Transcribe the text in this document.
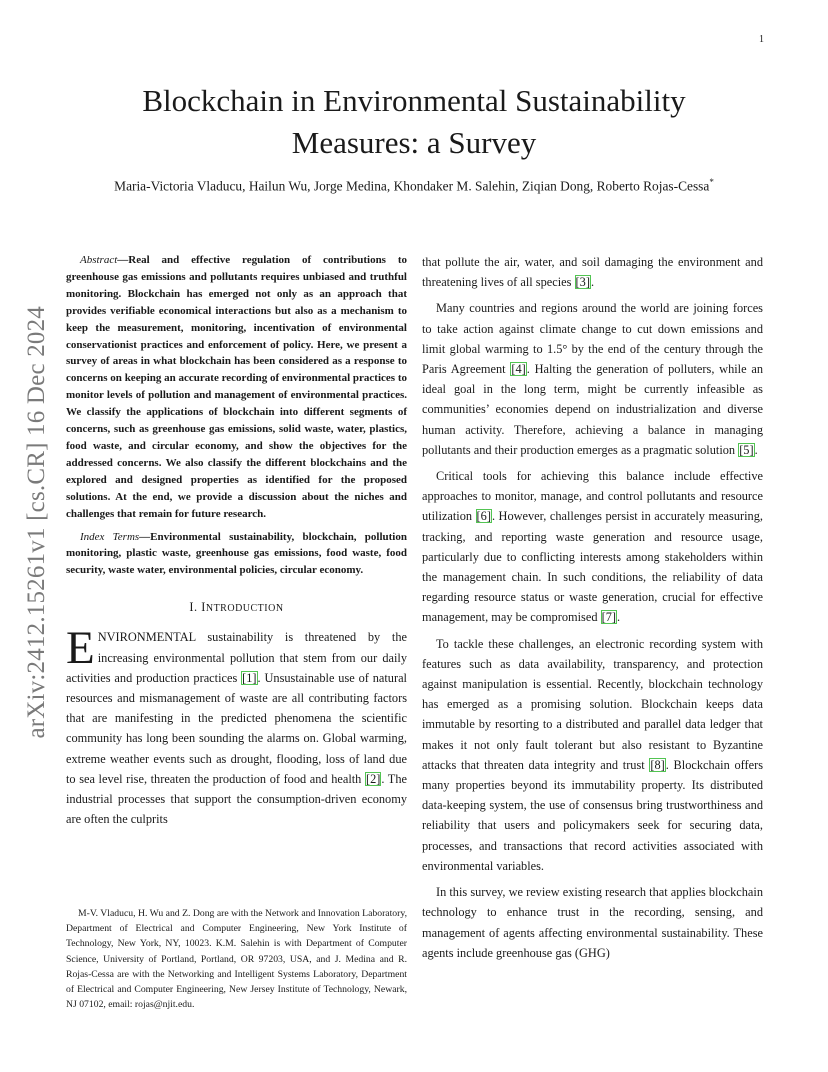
1
arXiv:2412.15261v1 [cs.CR] 16 Dec 2024
Blockchain in Environmental Sustainability
Measures: a Survey
Maria-Victoria Vladucu, Hailun Wu, Jorge Medina, Khondaker M. Salehin, Ziqian Dong, Roberto Rojas-Cessa*

Abstract—Real and effective regulation of contributions to greenhouse gas emissions and pollutants requires unbiased and truthful monitoring. Blockchain has emerged not only as an approach that provides verifiable economical interactions but also as a mechanism to keep the measurement, monitoring, incentivation of environmental conservationist practices and enforcement of policy. Here, we present a survey of areas in what blockchain has been considered as a response to concerns on keeping an accurate recording of environmental practices to monitor levels of pollution and management of environmental practices. We classify the applications of blockchain into different segments of concerns, such as greenhouse gas emissions, solid waste, water, plastics, food waste, and circular economy, and show the objectives for the addressed concerns. We also classify the different blockchains and the explored and designed properties as identified for the proposed solutions. At the end, we provide a discussion about the niches and challenges that remain for future research.

Index Terms—Environmental sustainability, blockchain, pollution monitoring, plastic waste, greenhouse gas emissions, food waste, food security, waste water, environmental policies, circular economy.

I. INTRODUCTION

ENVIRONMENTAL sustainability is threatened by the increasing environmental pollution that stem from our daily activities and production practices [1]. Unsustainable use of natural resources and mismanagement of waste are all contributing factors that are manifesting in the predicted phenomena the scientific community has long been sounding the alarms on. Global warming, extreme weather events such as drought, flooding, loss of land due to sea level rise, threaten the production of food and health [2]. The industrial processes that support the consumption-driven economy are often the culprits

M-V. Vladucu, H. Wu and Z. Dong are with the Network and Innovation Laboratory, Department of Electrical and Computer Engineering, New York Institute of Technology, New York, NY, 10023. K.M. Salehin is with Department of Computer Science, University of Portland, Portland, OR 97203, USA, and J. Medina and R. Rojas-Cessa are with the Networking and Intelligent Systems Laboratory, Department of Electrical and Computer Engineering, New Jersey Institute of Technology, Newark, NJ 07102, email: rojas@njit.edu.

that pollute the air, water, and soil damaging the environment and threatening lives of all species [3].

Many countries and regions around the world are joining forces to take action against climate change to cut down emissions and limit global warming to 1.5° by the end of the century through the Paris Agreement [4]. Halting the generation of polluters, while an ideal goal in the long term, might be currently infeasible as communities’ economies depend on industrialization and diverse human activity. Therefore, achieving a balance in managing pollutants and their production emerges as a pragmatic solution [5].

Critical tools for achieving this balance include effective approaches to monitor, manage, and control pollutants and resource utilization [6]. However, challenges persist in accurately measuring, tracking, and reporting waste generation and resource usage, particularly due to conflicting interests among stakeholders within the management chain. In such conditions, the reliability of data regarding resource status or waste generation, crucial for effective management, may be compromised [7].

To tackle these challenges, an electronic recording system with features such as data availability, transparency, and protection against manipulation is essential. Recently, blockchain technology has emerged as a promising solution. Blockchain keeps data immutable by resorting to a distributed and parallel data ledger that makes it not only fault tolerant but also resistant to Byzantine attacks that threaten data integrity and trust [8]. Blockchain offers many properties beyond its immutability property. Its distributed data-keeping system, the use of consensus bring trustworthiness and reliability that users and policymakers seek for securing data, processes, and transactions that record activities associated with environmental variables.

In this survey, we review existing research that applies blockchain technology to enhance trust in the recording, sensing, and management of agents affecting environmental sustainability. These agents include greenhouse gas (GHG)
